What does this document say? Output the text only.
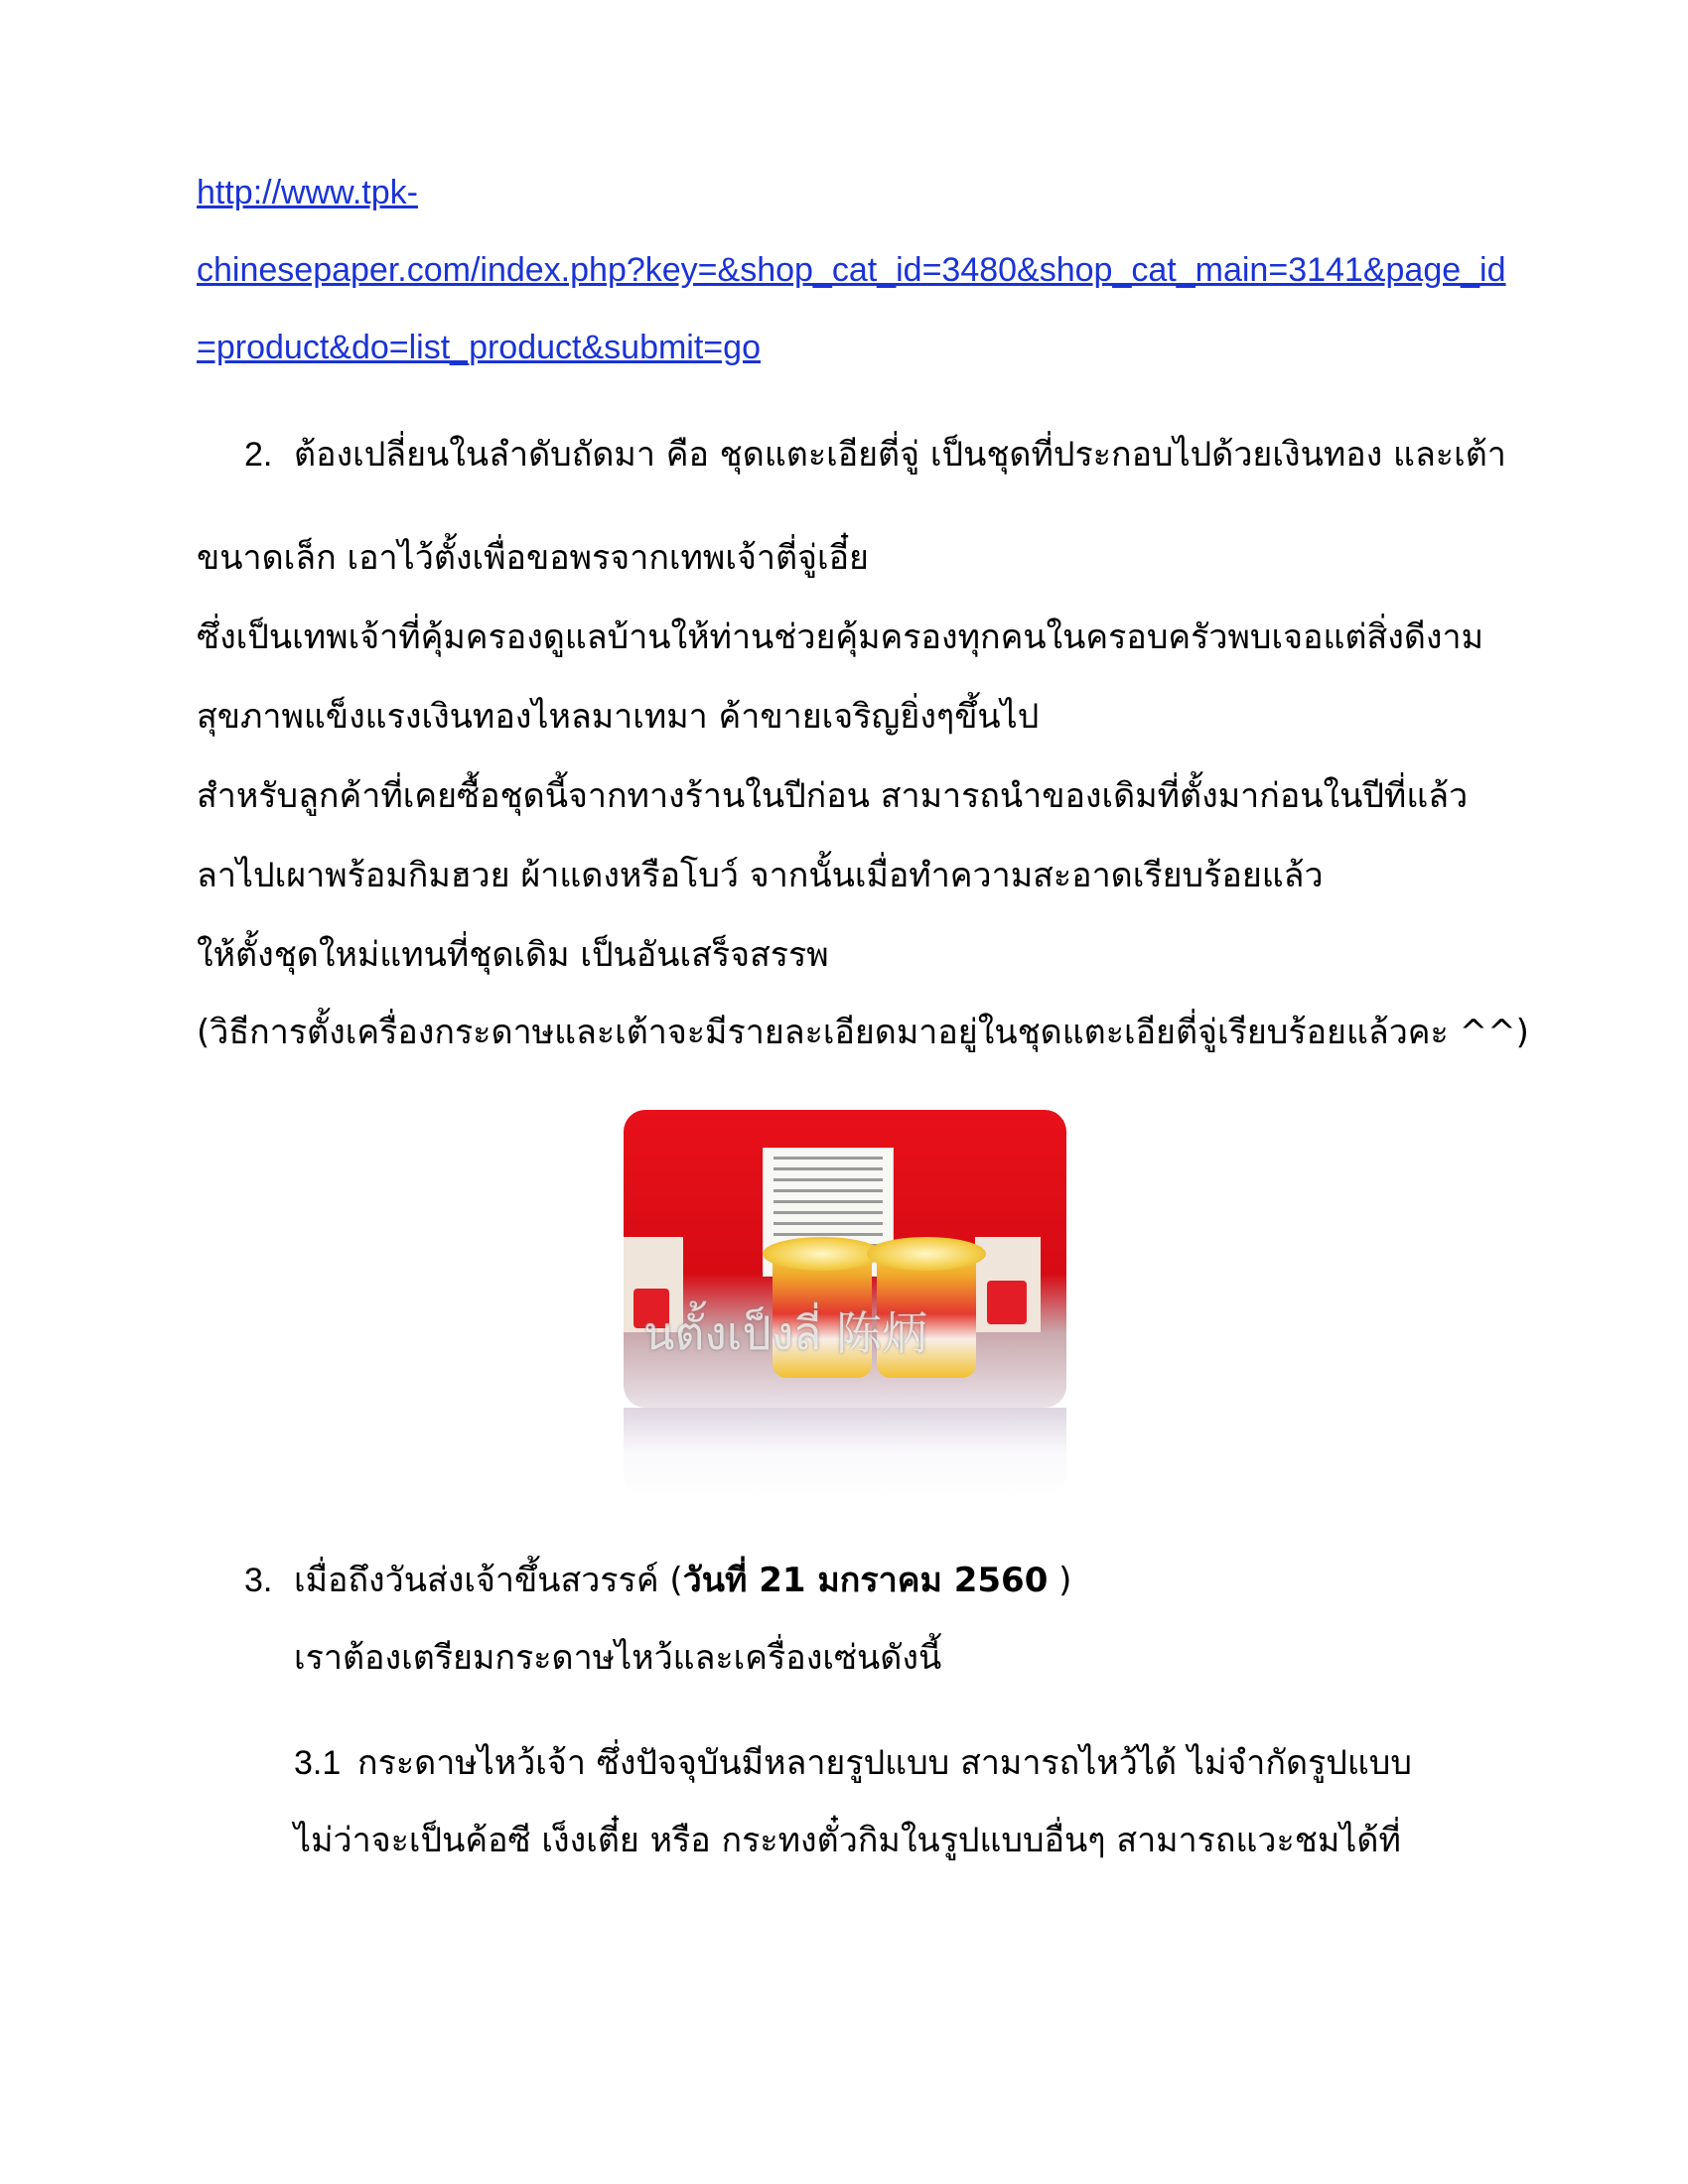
http://www.tpk-
chinesepaper.com/index.php?key=&shop_cat_id=3480&shop_cat_main=3141&page_id
=product&do=list_product&submit=go
2. ต้องเปลี่ยนในลำดับถัดมา คือ ชุดแตะเอียตี่จู่ เป็นชุดที่ประกอบไปด้วยเงินทอง และเต้า
ขนาดเล็ก เอาไว้ตั้งเพื่อขอพรจากเทพเจ้าตี่จู่เอี๋ย
ซึ่งเป็นเทพเจ้าที่คุ้มครองดูแลบ้านให้ท่านช่วยคุ้มครองทุกคนในครอบครัวพบเจอแต่สิ่งดีงาม
สุขภาพแข็งแรงเงินทองไหลมาเทมา ค้าขายเจริญยิ่งๆขึ้นไป
สำหรับลูกค้าที่เคยซื้อชุดนี้จากทางร้านในปีก่อน สามารถนำของเดิมที่ตั้งมาก่อนในปีที่แล้ว
ลาไปเผาพร้อมกิมฮวย ผ้าแดงหรือโบว์ จากนั้นเมื่อทำความสะอาดเรียบร้อยแล้ว
ให้ตั้งชุดใหม่แทนที่ชุดเดิม เป็นอันเสร็จสรรพ
(วิธีการตั้งเครื่องกระดาษและเต้าจะมีรายละเอียดมาอยู่ในชุดแตะเอียตี่จู่เรียบร้อยแล้วคะ ^^)
นตั้งเป็งลี่ 陈炳
3. เมื่อถึงวันส่งเจ้าขึ้นสวรรค์ (วันที่ 21 มกราคม 2560 )
เราต้องเตรียมกระดาษไหว้และเครื่องเซ่นดังนี้
3.1 กระดาษไหว้เจ้า ซึ่งปัจจุบันมีหลายรูปแบบ สามารถไหว้ได้ ไม่จำกัดรูปแบบ
ไม่ว่าจะเป็นค้อซี เง็งเตี๋ย หรือ กระทงตั๋วกิมในรูปแบบอื่นๆ สามารถแวะชมได้ที่
